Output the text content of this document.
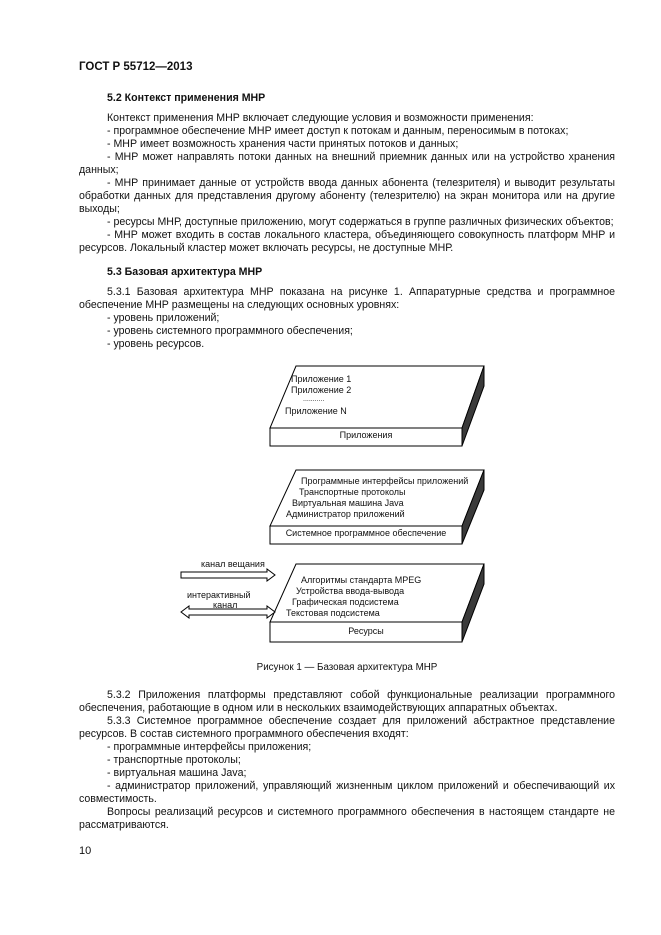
ГОСТ Р 55712—2013
5.2 Контекст применения МНР
Контекст применения МНР включает следующие условия и возможности применения:
- программное обеспечение МНР имеет доступ к потокам и данным, переносимым в потоках;
- МНР имеет возможность хранения части принятых потоков и данных;
- МНР может направлять потоки данных на внешний приемник данных или на устройство хранения данных;
- МНР принимает данные от устройств ввода данных абонента (телезрителя) и выводит результаты обработки данных для представления другому абоненту (телезрителю) на экран монитора или на другие выходы;
- ресурсы МНР, доступные приложению, могут содержаться в группе различных физических объектов;
- МНР может входить в состав локального кластера, объединяющего совокупность платформ МНР и ресурсов. Локальный кластер может включать ресурсы, не доступные МНР.
5.3 Базовая архитектура МНР
5.3.1 Базовая архитектура МНР показана на рисунке 1. Аппаратурные средства и программное обеспечение МНР размещены на следующих основных уровнях:
- уровень приложений;
- уровень системного программного обеспечения;
- уровень ресурсов.
Приложение 1
Приложение 2
...........
Приложение N
Приложения
Программные интерфейсы приложений
Транспортные протоколы
Виртуальная машина Java
Администратор приложений
Системное программное обеспечение
Алгоритмы стандарта MPEG
Устройства ввода-вывода
Графическая подсистема
Текстовая подсистема
Ресурсы
канал вещания
интерактивный
канал
Рисунок 1 — Базовая архитектура МНР
5.3.2 Приложения платформы представляют собой функциональные реализации программного обеспечения, работающие в одном или в нескольких взаимодействующих аппаратных объектах.
5.3.3 Системное программное обеспечение создает для приложений абстрактное представление ресурсов. В состав системного программного обеспечения входят:
- программные интерфейсы приложения;
- транспортные протоколы;
- виртуальная машина Java;
- администратор приложений, управляющий жизненным циклом приложений и обеспечивающий их совместимость.
Вопросы реализаций ресурсов и системного программного обеспечения в настоящем стандарте не рассматриваются.
10
